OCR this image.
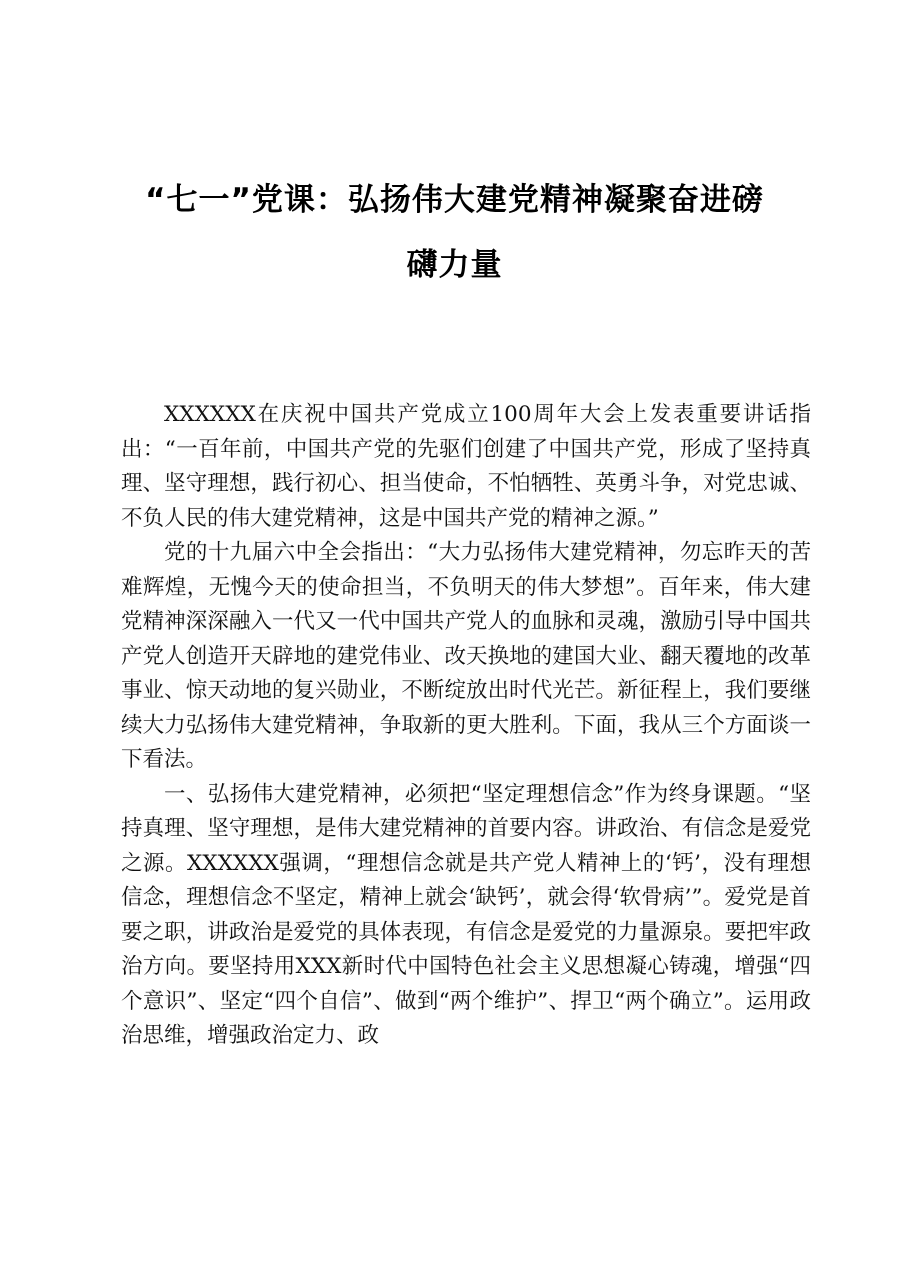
“七一”党课：弘扬伟大建党精神凝聚奋进磅
礴力量

XXXXXX在庆祝中国共产党成立100周年大会上发表重要讲话指出：“一百年前，中国共产党的先驱们创建了中国共产党，形成了坚持真理、坚守理想，践行初心、担当使命，不怕牺牲、英勇斗争，对党忠诚、不负人民的伟大建党精神，这是中国共产党的精神之源。”

党的十九届六中全会指出：“大力弘扬伟大建党精神，勿忘昨天的苦难辉煌，无愧今天的使命担当，不负明天的伟大梦想”。百年来，伟大建党精神深深融入一代又一代中国共产党人的血脉和灵魂，激励引导中国共产党人创造开天辟地的建党伟业、改天换地的建国大业、翻天覆地的改革事业、惊天动地的复兴勋业，不断绽放出时代光芒。新征程上，我们要继续大力弘扬伟大建党精神，争取新的更大胜利。下面，我从三个方面谈一下看法。

一、弘扬伟大建党精神，必须把“坚定理想信念”作为终身课题。“坚持真理、坚守理想，是伟大建党精神的首要内容。讲政治、有信念是爱党之源。XXXXXX强调，“理想信念就是共产党人精神上的‘钙’，没有理想信念，理想信念不坚定，精神上就会‘缺钙’，就会得‘软骨病’”。爱党是首要之职，讲政治是爱党的具体表现，有信念是爱党的力量源泉。要把牢政治方向。要坚持用XXX新时代中国特色社会主义思想凝心铸魂，增强“四个意识”、坚定“四个自信”、做到“两个维护”、捍卫“两个确立”。运用政治思维，增强政治定力、政
